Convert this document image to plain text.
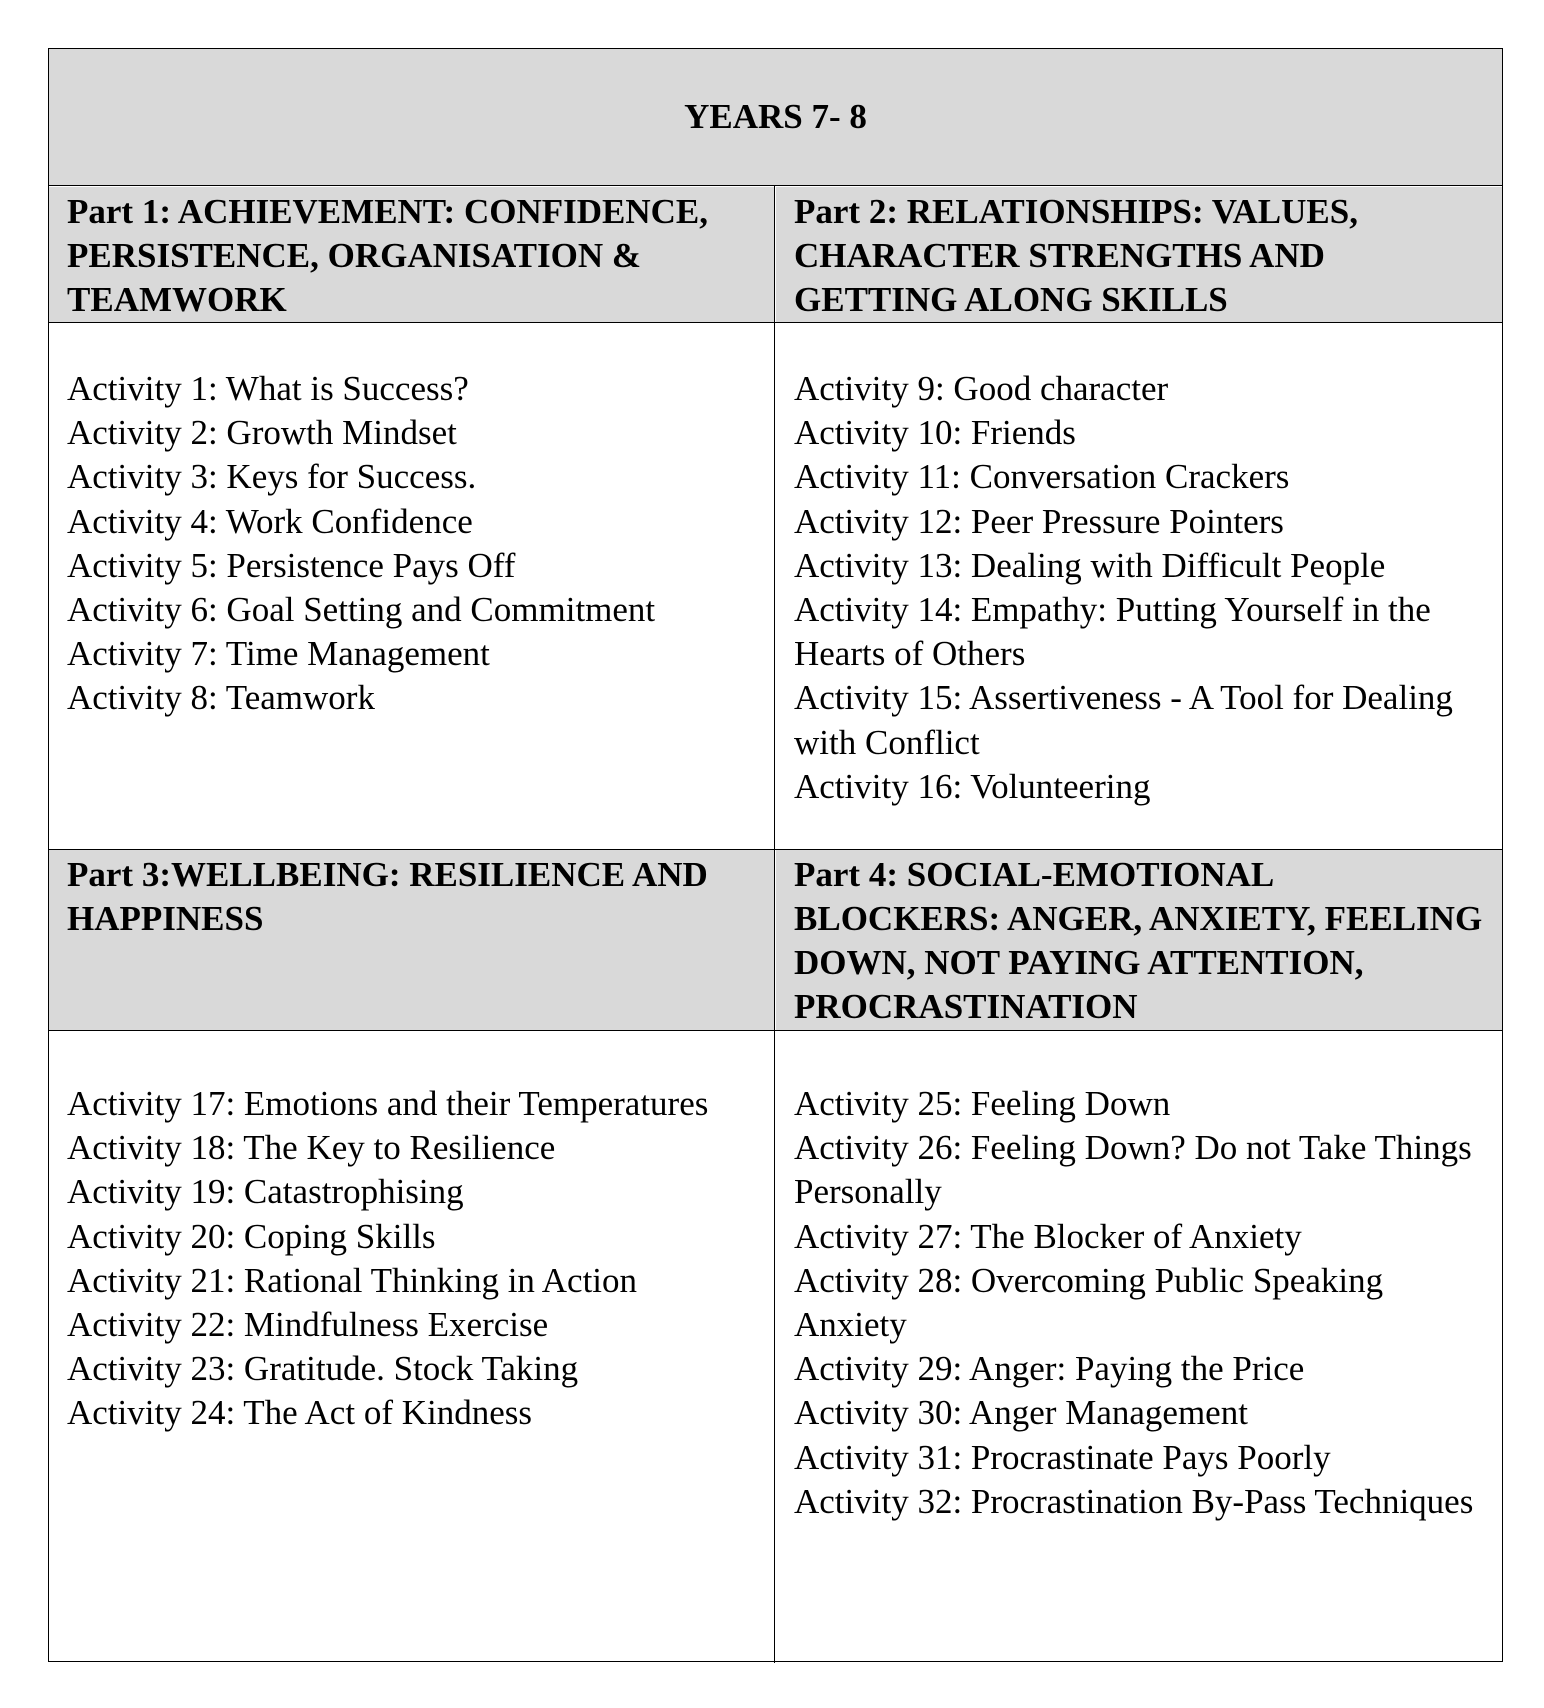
YEARS 7- 8
Part 1: ACHIEVEMENT: CONFIDENCE, PERSISTENCE, ORGANISATION & TEAMWORK
Activity 1: What is Success?
Activity 2: Growth Mindset
Activity 3: Keys for Success.
Activity 4: Work Confidence
Activity 5: Persistence Pays Off
Activity 6: Goal Setting and Commitment
Activity 7: Time Management
Activity 8: Teamwork
Part 2: RELATIONSHIPS: VALUES, CHARACTER STRENGTHS AND GETTING ALONG SKILLS
Activity 9: Good character
Activity 10: Friends
Activity 11: Conversation Crackers
Activity 12: Peer Pressure Pointers
Activity 13: Dealing with Difficult People
Activity 14: Empathy: Putting Yourself in the Hearts of Others
Activity 15: Assertiveness - A Tool for Dealing with Conflict
Activity 16: Volunteering
Part 3:WELLBEING: RESILIENCE AND HAPPINESS
Activity 17: Emotions and their Temperatures
Activity 18: The Key to Resilience
Activity 19: Catastrophising
Activity 20: Coping Skills
Activity 21: Rational Thinking in Action
Activity 22: Mindfulness Exercise
Activity 23: Gratitude. Stock Taking
Activity 24: The Act of Kindness
Part 4: SOCIAL-EMOTIONAL BLOCKERS: ANGER, ANXIETY, FEELING DOWN, NOT PAYING ATTENTION, PROCRASTINATION
Activity 25: Feeling Down
Activity 26: Feeling Down? Do not Take Things
Personally
Activity 27: The Blocker of Anxiety
Activity 28: Overcoming Public Speaking Anxiety
Activity 29: Anger: Paying the Price
Activity 30: Anger Management
Activity 31: Procrastinate Pays Poorly
Activity 32: Procrastination By-Pass Techniques
